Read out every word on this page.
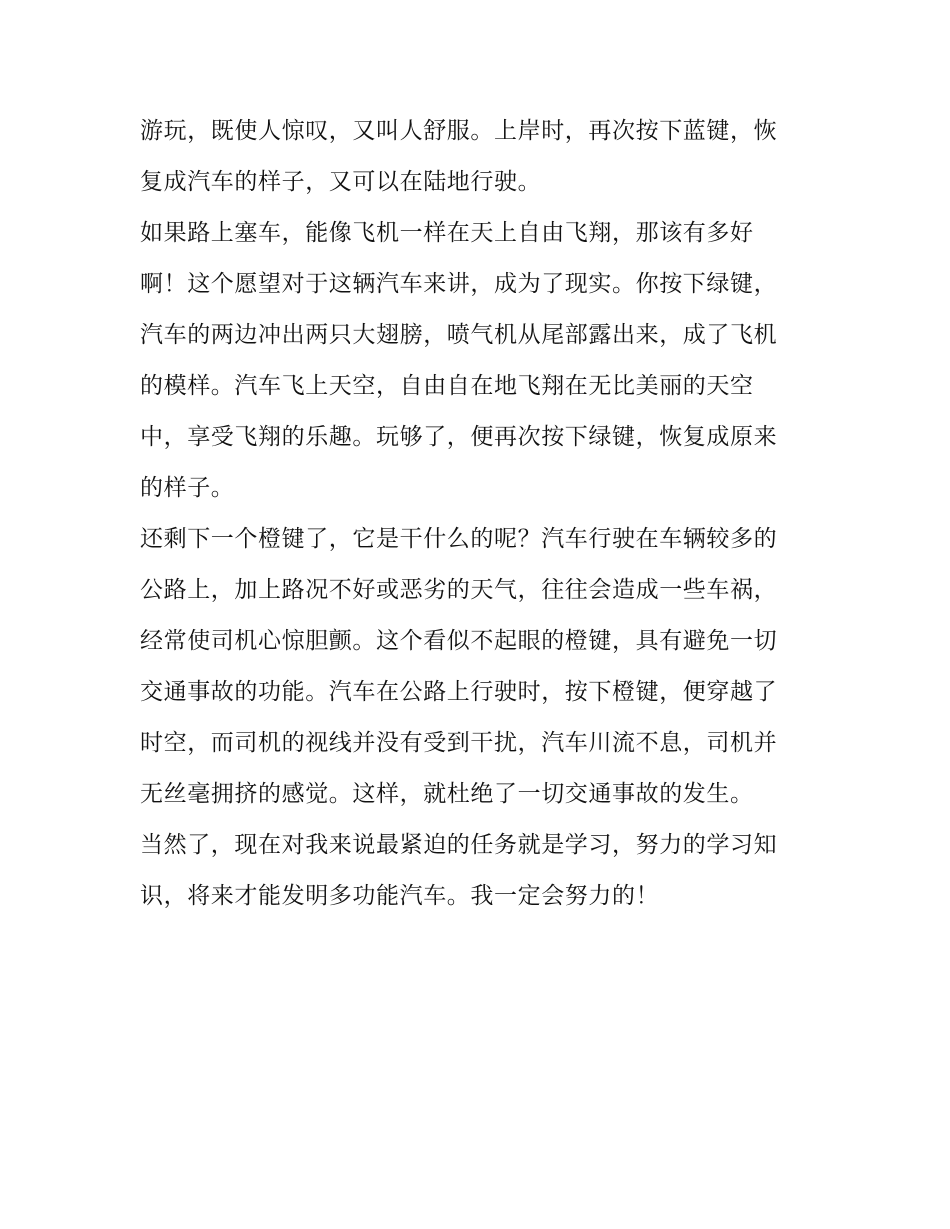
游玩，既使人惊叹，又叫人舒服。上岸时，再次按下蓝键，恢
复成汽车的样子，又可以在陆地行驶。
如果路上塞车，能像飞机一样在天上自由飞翔，那该有多好
啊！这个愿望对于这辆汽车来讲，成为了现实。你按下绿键，
汽车的两边冲出两只大翅膀，喷气机从尾部露出来，成了飞机
的模样。汽车飞上天空，自由自在地飞翔在无比美丽的天空
中，享受飞翔的乐趣。玩够了，便再次按下绿键，恢复成原来
的样子。
还剩下一个橙键了，它是干什么的呢？汽车行驶在车辆较多的
公路上，加上路况不好或恶劣的天气，往往会造成一些车祸，
经常使司机心惊胆颤。这个看似不起眼的橙键，具有避免一切
交通事故的功能。汽车在公路上行驶时，按下橙键，便穿越了
时空，而司机的视线并没有受到干扰，汽车川流不息，司机并
无丝毫拥挤的感觉。这样，就杜绝了一切交通事故的发生。
当然了，现在对我来说最紧迫的任务就是学习，努力的学习知
识，将来才能发明多功能汽车。我一定会努力的！
